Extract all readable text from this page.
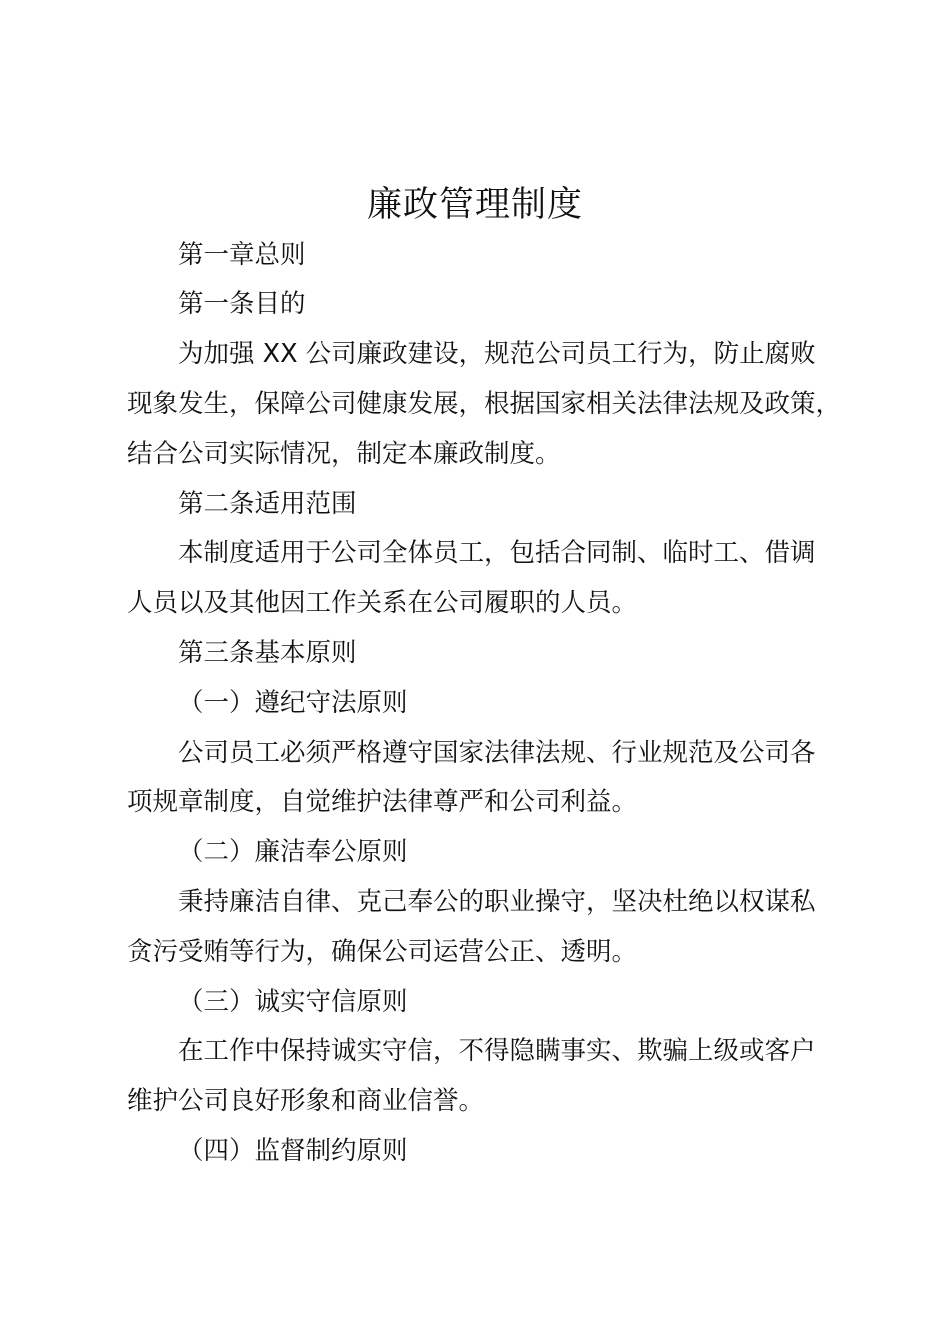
廉政管理制度

第一章总则

第一条目的

为加强 XX 公司廉政建设，规范公司员工行为，防止腐败

现象发生，保障公司健康发展，根据国家相关法律法规及政策，

结合公司实际情况，制定本廉政制度。

第二条适用范围

本制度适用于公司全体员工，包括合同制、临时工、借调

人员以及其他因工作关系在公司履职的人员。

第三条基本原则

（一）遵纪守法原则

公司员工必须严格遵守国家法律法规、行业规范及公司各

项规章制度，自觉维护法律尊严和公司利益。

（二）廉洁奉公原则

秉持廉洁自律、克己奉公的职业操守，坚决杜绝以权谋私

贪污受贿等行为，确保公司运营公正、透明。

（三）诚实守信原则

在工作中保持诚实守信，不得隐瞒事实、欺骗上级或客户

维护公司良好形象和商业信誉。

（四）监督制约原则
